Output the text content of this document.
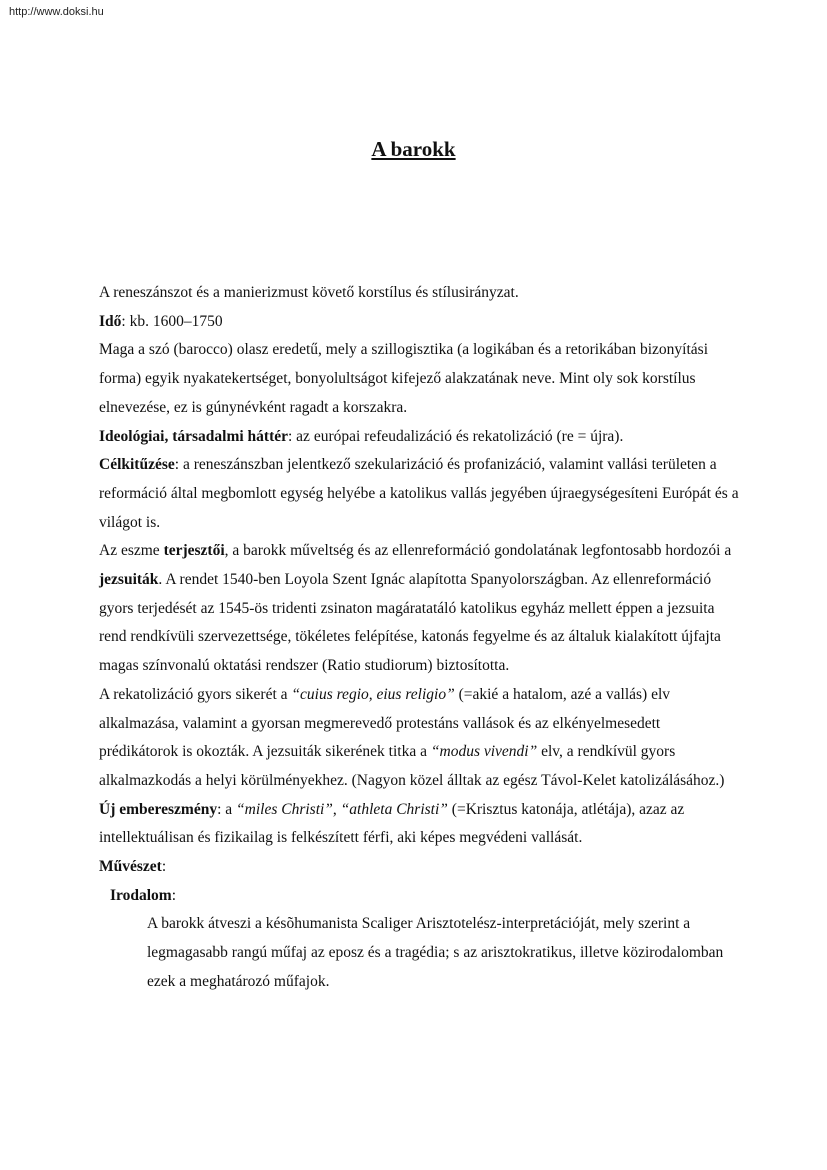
http://www.doksi.hu
A barokk

A reneszánszot és a manierizmust követő korstílus és stílusirányzat.

Idő: kb. 1600–1750

Maga a szó (barocco) olasz eredetű, mely a szillogisztika (a logikában és a retorikában bizonyítási forma) egyik nyakatekertséget, bonyolultságot kifejező alakzatának neve. Mint oly sok korstílus elnevezése, ez is gúnynévként ragadt a korszakra.

Ideológiai, társadalmi háttér: az európai refeudalizáció és rekatolizáció (re = újra).

Célkitűzése: a reneszánszban jelentkező szekularizáció és profanizáció, valamint vallási területen a reformáció által megbomlott egység helyébe a katolikus vallás jegyében újraegységesíteni Európát és a világot is.

Az eszme terjesztői, a barokk műveltség és az ellenreformáció gondolatának legfontosabb hordozói a jezsuiták. A rendet 1540-ben Loyola Szent Ignác alapította Spanyolországban. Az ellenreformáció gyors terjedését az 1545-ös tridenti zsinaton magáratatáló katolikus egyház mellett éppen a jezsuita rend rendkívüli szervezettsége, tökéletes felépítése, katonás fegyelme és az általuk kialakított újfajta magas színvonalú oktatási rendszer (Ratio studiorum) biztosította.

A rekatolizáció gyors sikerét a “cuius regio, eius religio” (=akié a hatalom, azé a vallás) elv alkalmazása, valamint a gyorsan megmerevedő protestáns vallások és az elkényelmesedett prédikátorok is okozták. A jezsuiták sikerének titka a “modus vivendi” elv, a rendkívül gyors alkalmazkodás a helyi körülményekhez. (Nagyon közel álltak az egész Távol-Kelet katolizálásához.)

Új embereszmény: a “miles Christi”, “athleta Christi” (=Krisztus katonája, atlétája), azaz az intellektuálisan és fizikailag is felkészített férfi, aki képes megvédeni vallását.

Művészet:

Irodalom:

A barokk átveszi a késõhumanista Scaliger Arisztotelész-interpretációját, mely szerint a legmagasabb rangú műfaj az eposz és a tragédia; s az arisztokratikus, illetve közirodalomban ezek a meghatározó műfajok.
